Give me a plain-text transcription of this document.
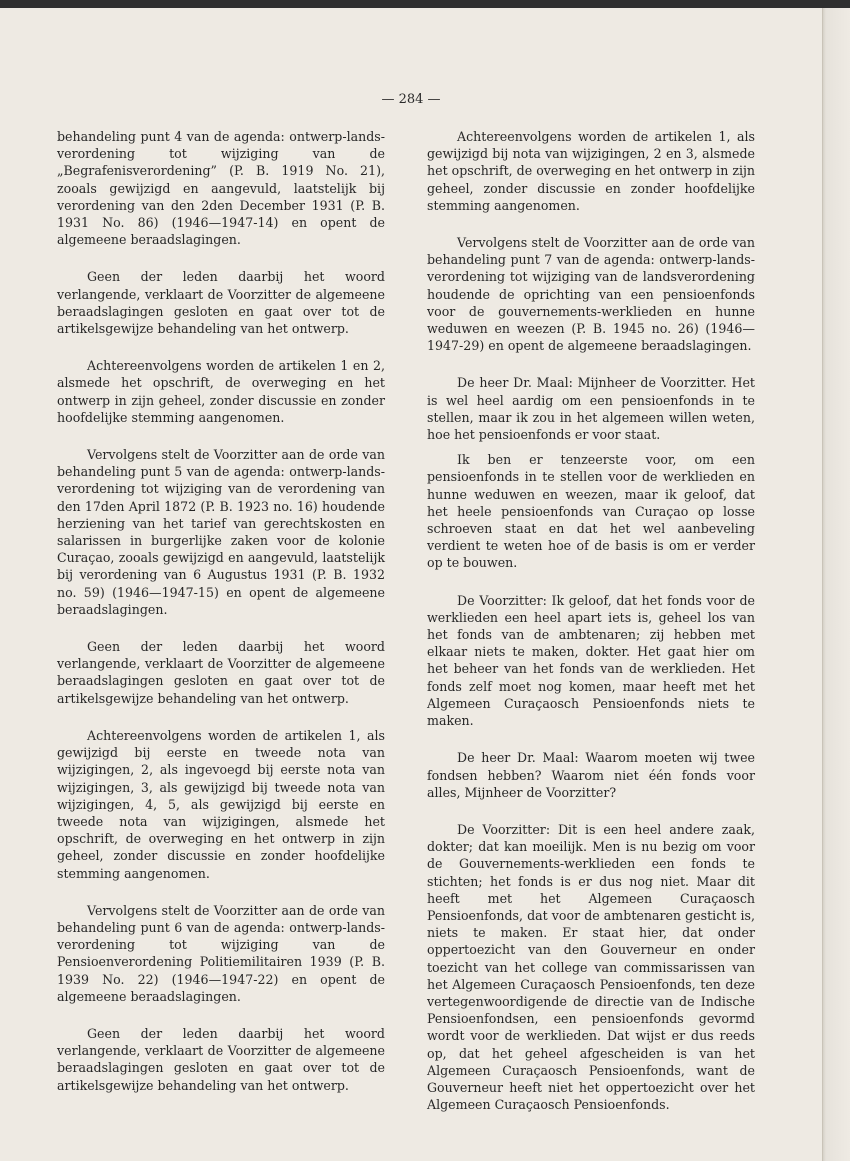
— 284 —

behandeling punt 4 van de agenda: ontwerp-lands-verordening tot wijziging van de „Begrafenisverordening” (P. B. 1919 No. 21), zooals gewijzigd en aangevuld, laatstelijk bij verordening van den 2den December 1931 (P. B. 1931 No. 86) (1946—1947-14) en opent de algemeene beraadslagingen.

Geen der leden daarbij het woord verlangende, verklaart de Voorzitter de algemeene beraadslagingen gesloten en gaat over tot de artikelsgewijze behandeling van het ontwerp.

Achtereenvolgens worden de artikelen 1 en 2, alsmede het opschrift, de overweging en het ontwerp in zijn geheel, zonder discussie en zonder hoofdelijke stemming aangenomen.

Vervolgens stelt de Voorzitter aan de orde van behandeling punt 5 van de agenda: ontwerp-lands-verordening tot wijziging van de verordening van den 17den April 1872 (P. B. 1923 no. 16) houdende herziening van het tarief van gerechtskosten en salarissen in burgerlijke zaken voor de kolonie Curaçao, zooals gewijzigd en aangevuld, laatstelijk bij verordening van 6 Augustus 1931 (P. B. 1932 no. 59) (1946—1947-15) en opent de algemeene beraadslagingen.

Geen der leden daarbij het woord verlangende, verklaart de Voorzitter de algemeene beraadslagingen gesloten en gaat over tot de artikelsgewijze behandeling van het ontwerp.

Achtereenvolgens worden de artikelen 1, als gewijzigd bij eerste en tweede nota van wijzigingen, 2, als ingevoegd bij eerste nota van wijzigingen, 3, als gewijzigd bij tweede nota van wijzigingen, 4, 5, als gewijzigd bij eerste en tweede nota van wijzigingen, alsmede het opschrift, de overweging en het ontwerp in zijn geheel, zonder discussie en zonder hoofdelijke stemming aangenomen.

Vervolgens stelt de Voorzitter aan de orde van behandeling punt 6 van de agenda: ontwerp-lands-verordening tot wijziging van de Pensioenverordening Politiemilitairen 1939 (P. B. 1939 No. 22) (1946—1947-22) en opent de algemeene beraadslagingen.

Geen der leden daarbij het woord verlangende, verklaart de Voorzitter de algemeene beraadslagingen gesloten en gaat over tot de artikelsgewijze behandeling van het ontwerp.

Achtereenvolgens worden de artikelen 1, als gewijzigd bij nota van wijzigingen, 2 en 3, alsmede het opschrift, de overweging en het ontwerp in zijn geheel, zonder discussie en zonder hoofdelijke stemming aangenomen.

Vervolgens stelt de Voorzitter aan de orde van behandeling punt 7 van de agenda: ontwerp-lands-verordening tot wijziging van de landsverordening houdende de oprichting van een pensioenfonds voor de gouvernements-werklieden en hunne weduwen en weezen (P. B. 1945 no. 26) (1946—1947-29) en opent de algemeene beraadslagingen.

De heer Dr. Maal: Mijnheer de Voorzitter. Het is wel heel aardig om een pensioenfonds in te stellen, maar ik zou in het algemeen willen weten, hoe het pensioenfonds er voor staat.

Ik ben er tenzeerste voor, om een pensioenfonds in te stellen voor de werklieden en hunne weduwen en weezen, maar ik geloof, dat het heele pensioenfonds van Curaçao op losse schroeven staat en dat het wel aanbeveling verdient te weten hoe of de basis is om er verder op te bouwen.

De Voorzitter: Ik geloof, dat het fonds voor de werklieden een heel apart iets is, geheel los van het fonds van de ambtenaren; zij hebben met elkaar niets te maken, dokter. Het gaat hier om het beheer van het fonds van de werklieden. Het fonds zelf moet nog komen, maar heeft met het Algemeen Curaçaosch Pensioenfonds niets te maken.

De heer Dr. Maal: Waarom moeten wij twee fondsen hebben? Waarom niet één fonds voor alles, Mijnheer de Voorzitter?

De Voorzitter: Dit is een heel andere zaak, dokter; dat kan moeilijk. Men is nu bezig om voor de Gouvernements-werklieden een fonds te stichten; het fonds is er dus nog niet. Maar dit heeft met het Algemeen Curaçaosch Pensioenfonds, dat voor de ambtenaren gesticht is, niets te maken. Er staat hier, dat onder oppertoezicht van den Gouverneur en onder toezicht van het college van commissarissen van het Algemeen Curaçaosch Pensioenfonds, ten deze vertegenwoordigende de directie van de Indische Pensioenfondsen, een pensioenfonds gevormd wordt voor de werklieden. Dat wijst er dus reeds op, dat het geheel afgescheiden is van het Algemeen Curaçaosch Pensioenfonds, want de Gouverneur heeft niet het oppertoezicht over het Algemeen Curaçaosch Pensioenfonds.
